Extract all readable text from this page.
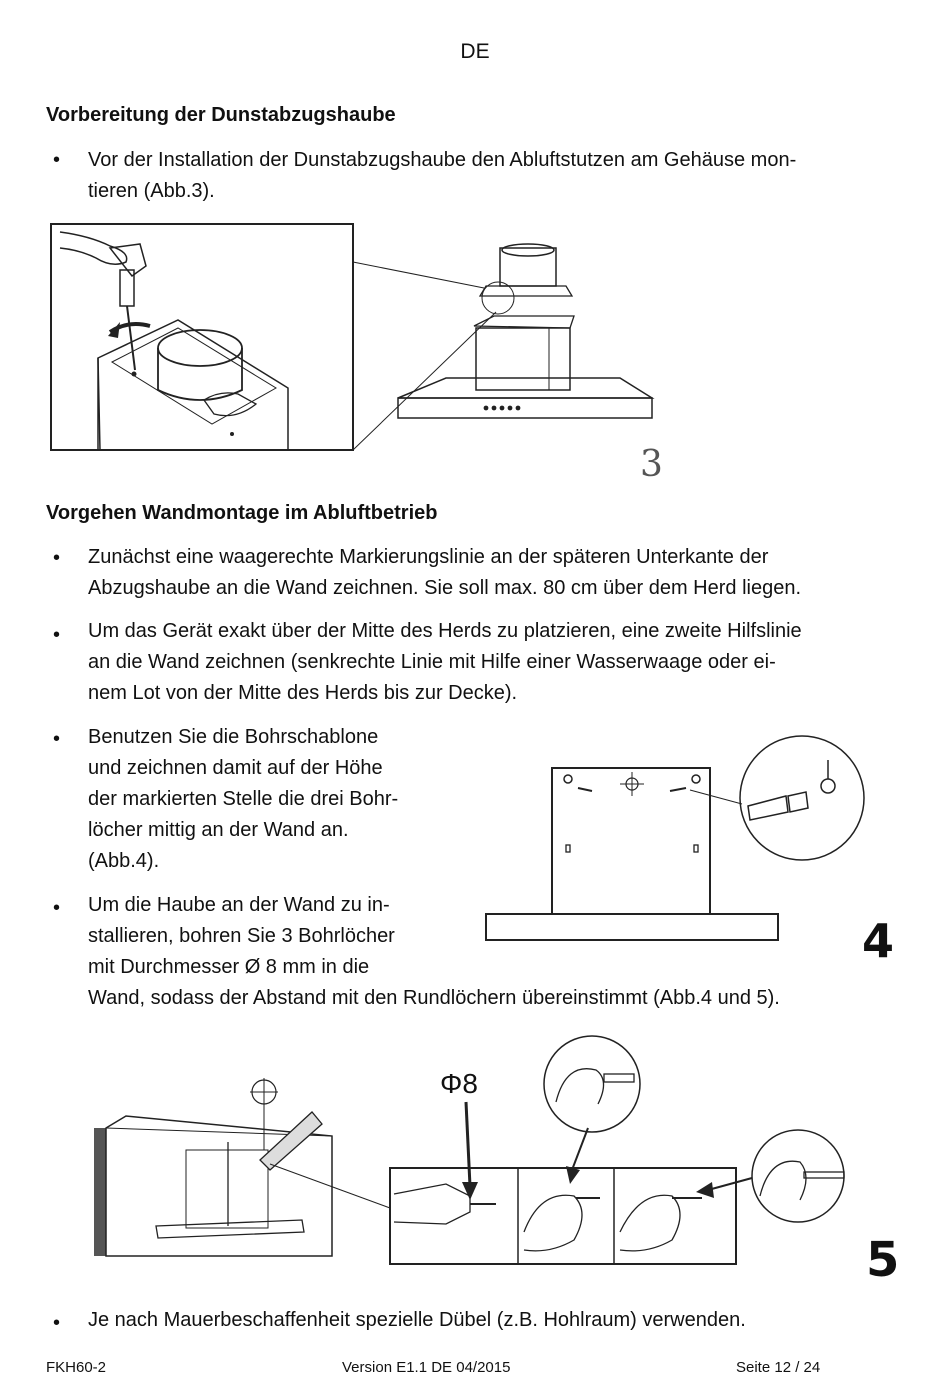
DE
Vorbereitung der Dunstabzugshaube
• Vor der Installation der Dunstabzugshaube den Abluftstutzen am Gehäuse mon-
tieren (Abb.3).
3
Vorgehen Wandmontage im Abluftbetrieb
• Zunächst eine waagerechte Markierungslinie an der späteren Unterkante der
Abzugshaube an die Wand zeichnen. Sie soll max. 80 cm über dem Herd liegen.
• Um das Gerät exakt über der Mitte des Herds zu platzieren, eine zweite Hilfslinie
an die Wand zeichnen (senkrechte Linie mit Hilfe einer Wasserwaage oder ei-
nem Lot von der Mitte des Herds bis zur Decke).
• Benutzen Sie die Bohrschablone
und zeichnen damit auf der Höhe
der markierten Stelle die drei Bohr-
löcher mittig an der Wand an.
(Abb.4).
• Um die Haube an der Wand zu in-
stallieren, bohren Sie 3 Bohrlöcher
mit Durchmesser Ø 8 mm in die
Wand, sodass der Abstand mit den Rundlöchern übereinstimmt (Abb.4 und 5).
4
Φ8
5
• Je nach Mauerbeschaffenheit spezielle Dübel (z.B. Hohlraum) verwenden.
FKH60-2	Version E1.1 DE 04/2015	Seite 12 / 24
